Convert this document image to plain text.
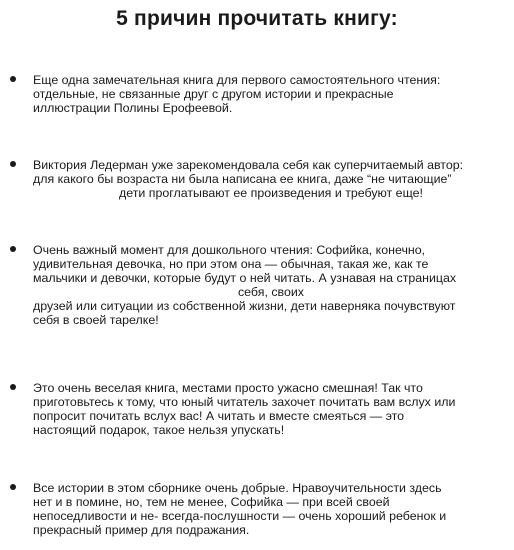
5 причин прочитать книгу:
Еще одна замечательная книга для первого самостоятельного чтения:
отдельные, не связанные друг с другом истории и прекрасные
иллюстрации Полины Ерофеевой.
Виктория Ледерман уже зарекомендовала себя как суперчитаемый автор:
для какого бы возраста ни была написана ее книга, даже “не читающие”
дети проглатывают ее произведения и требуют еще!
Очень важный момент для дошкольного чтения: Софийка, конечно,
удивительная девочка, но при этом она — обычная, такая же, как те
мальчики и девочки, которые будут о ней читать. А узнавая на страницах
себя, своих
друзей или ситуации из собственной жизни, дети наверняка почувствуют
себя в своей тарелке!
Это очень веселая книга, местами просто ужасно смешная! Так что
приготовьтесь к тому, что юный читатель захочет почитать вам вслух или
попросит почитать вслух вас! А читать и вместе смеяться — это
настоящий подарок, такое нельзя упускать!
Все истории в этом сборнике очень добрые. Нравоучительности здесь
нет и в помине, но, тем не менее, Софийка — при всей своей
непоседливости и не- всегда-послушности — очень хороший ребенок и
прекрасный пример для подражания.
